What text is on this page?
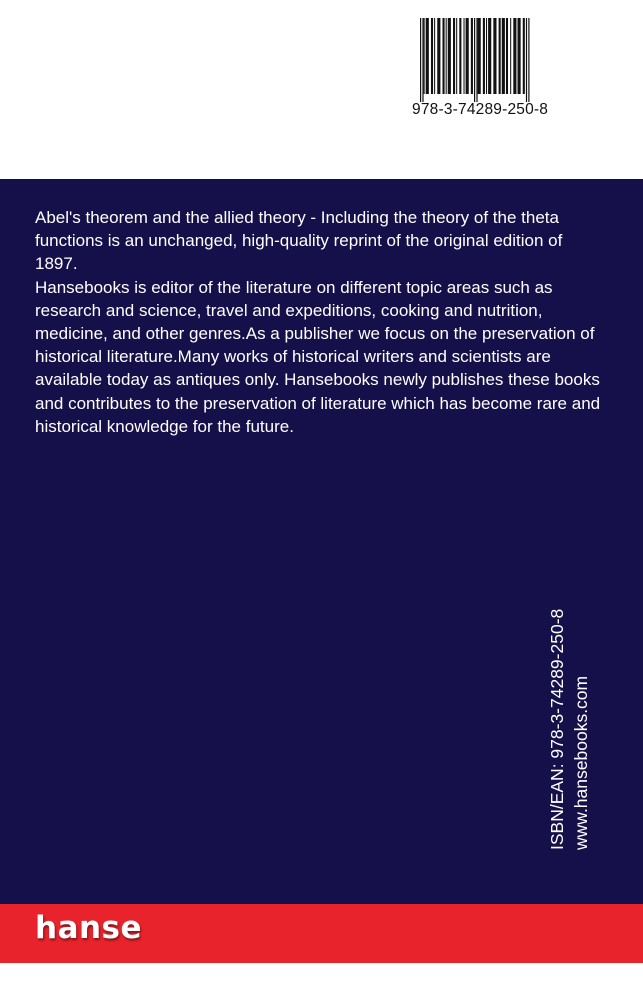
978-3-74289-250-8

Abel's theorem and the allied theory - Including the theory of the theta functions is an unchanged, high-quality reprint of the original edition of 1897.

Hansebooks is editor of the literature on different topic areas such as research and science, travel and expeditions, cooking and nutrition, medicine, and other genres.As a publisher we focus on the preservation of historical literature.Many works of historical writers and scientists are available today as antiques only. Hansebooks newly publishes these books and contributes to the preservation of literature which has become rare and historical knowledge for the future.

ISBN/EAN: 978-3-74289-250-8 www.hansebooks.com
hanse
